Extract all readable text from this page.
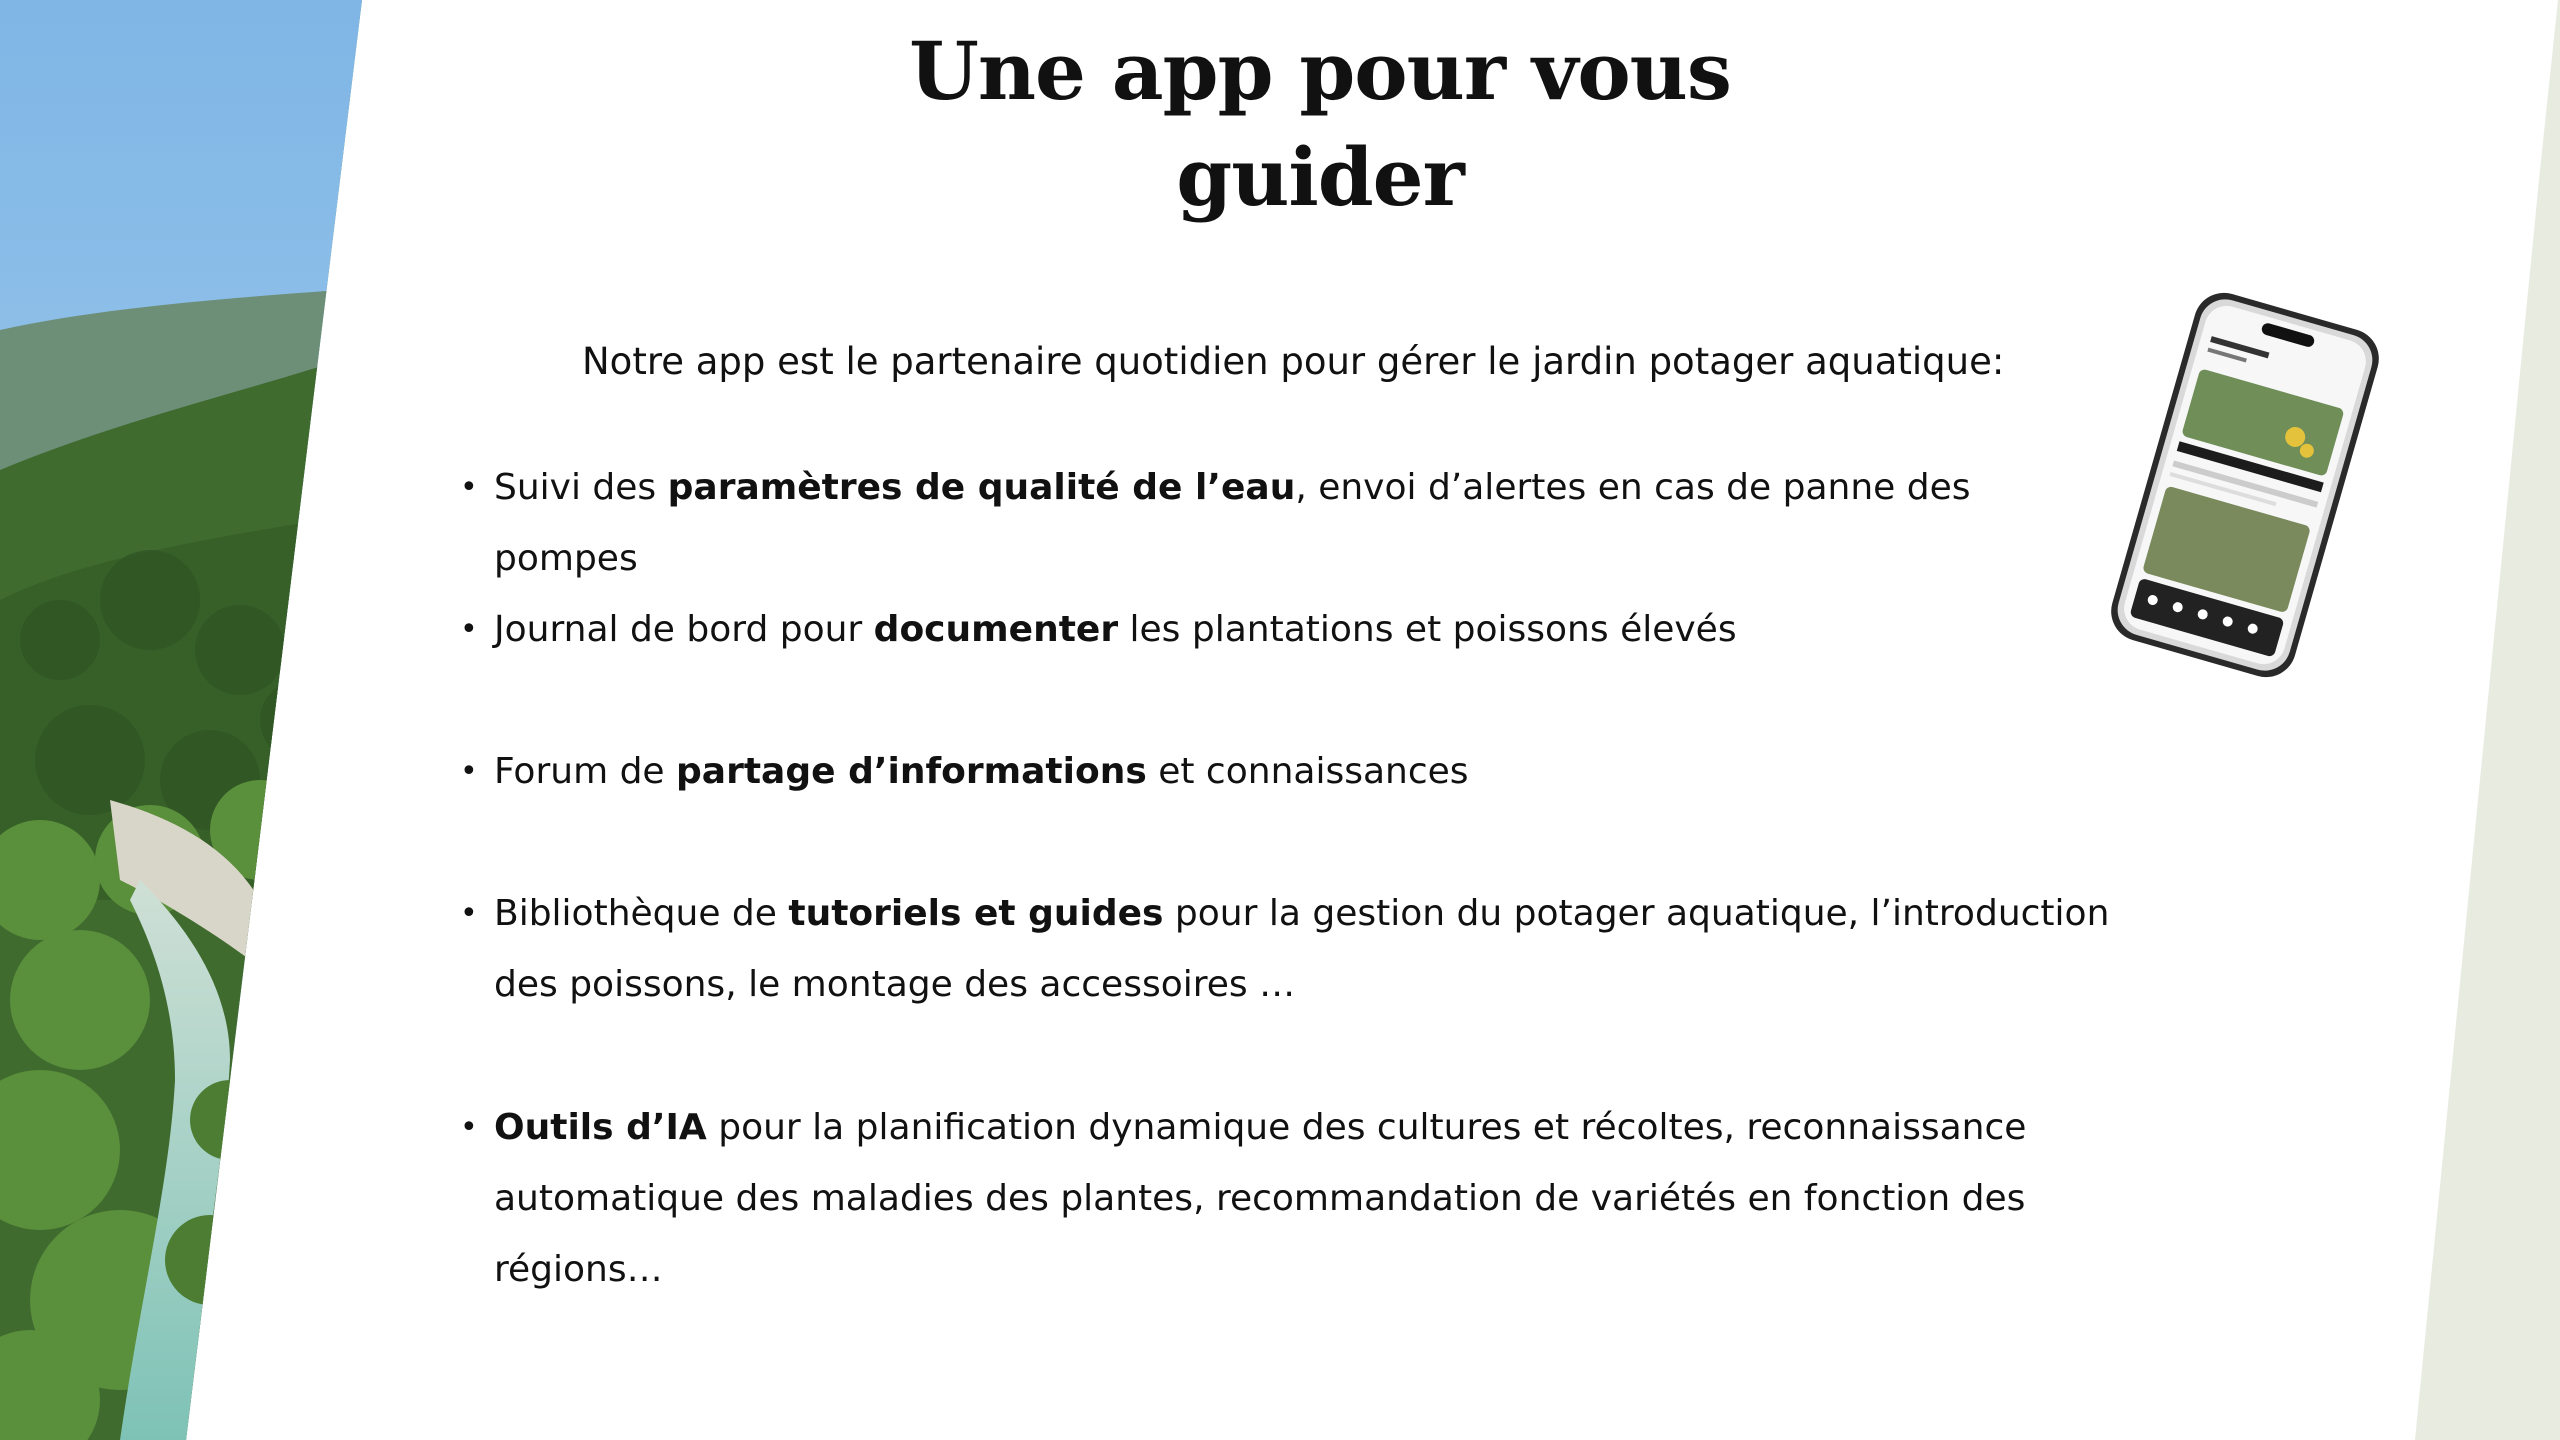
Une app pour vous
guider
Notre app est le partenaire quotidien pour gérer le jardin potager aquatique:
• Suivi des paramètres de qualité de l’eau, envoi d’alertes en cas de panne des pompes
• Journal de bord pour documenter les plantations et poissons élevés
• Forum de partage d’informations et connaissances
• Bibliothèque de tutoriels et guides pour la gestion du potager aquatique, l’introduction des poissons, le montage des accessoires …
• Outils d’IA pour la planification dynamique des cultures et récoltes, reconnaissance automatique des maladies des plantes, recommandation de variétés en fonction des régions…
